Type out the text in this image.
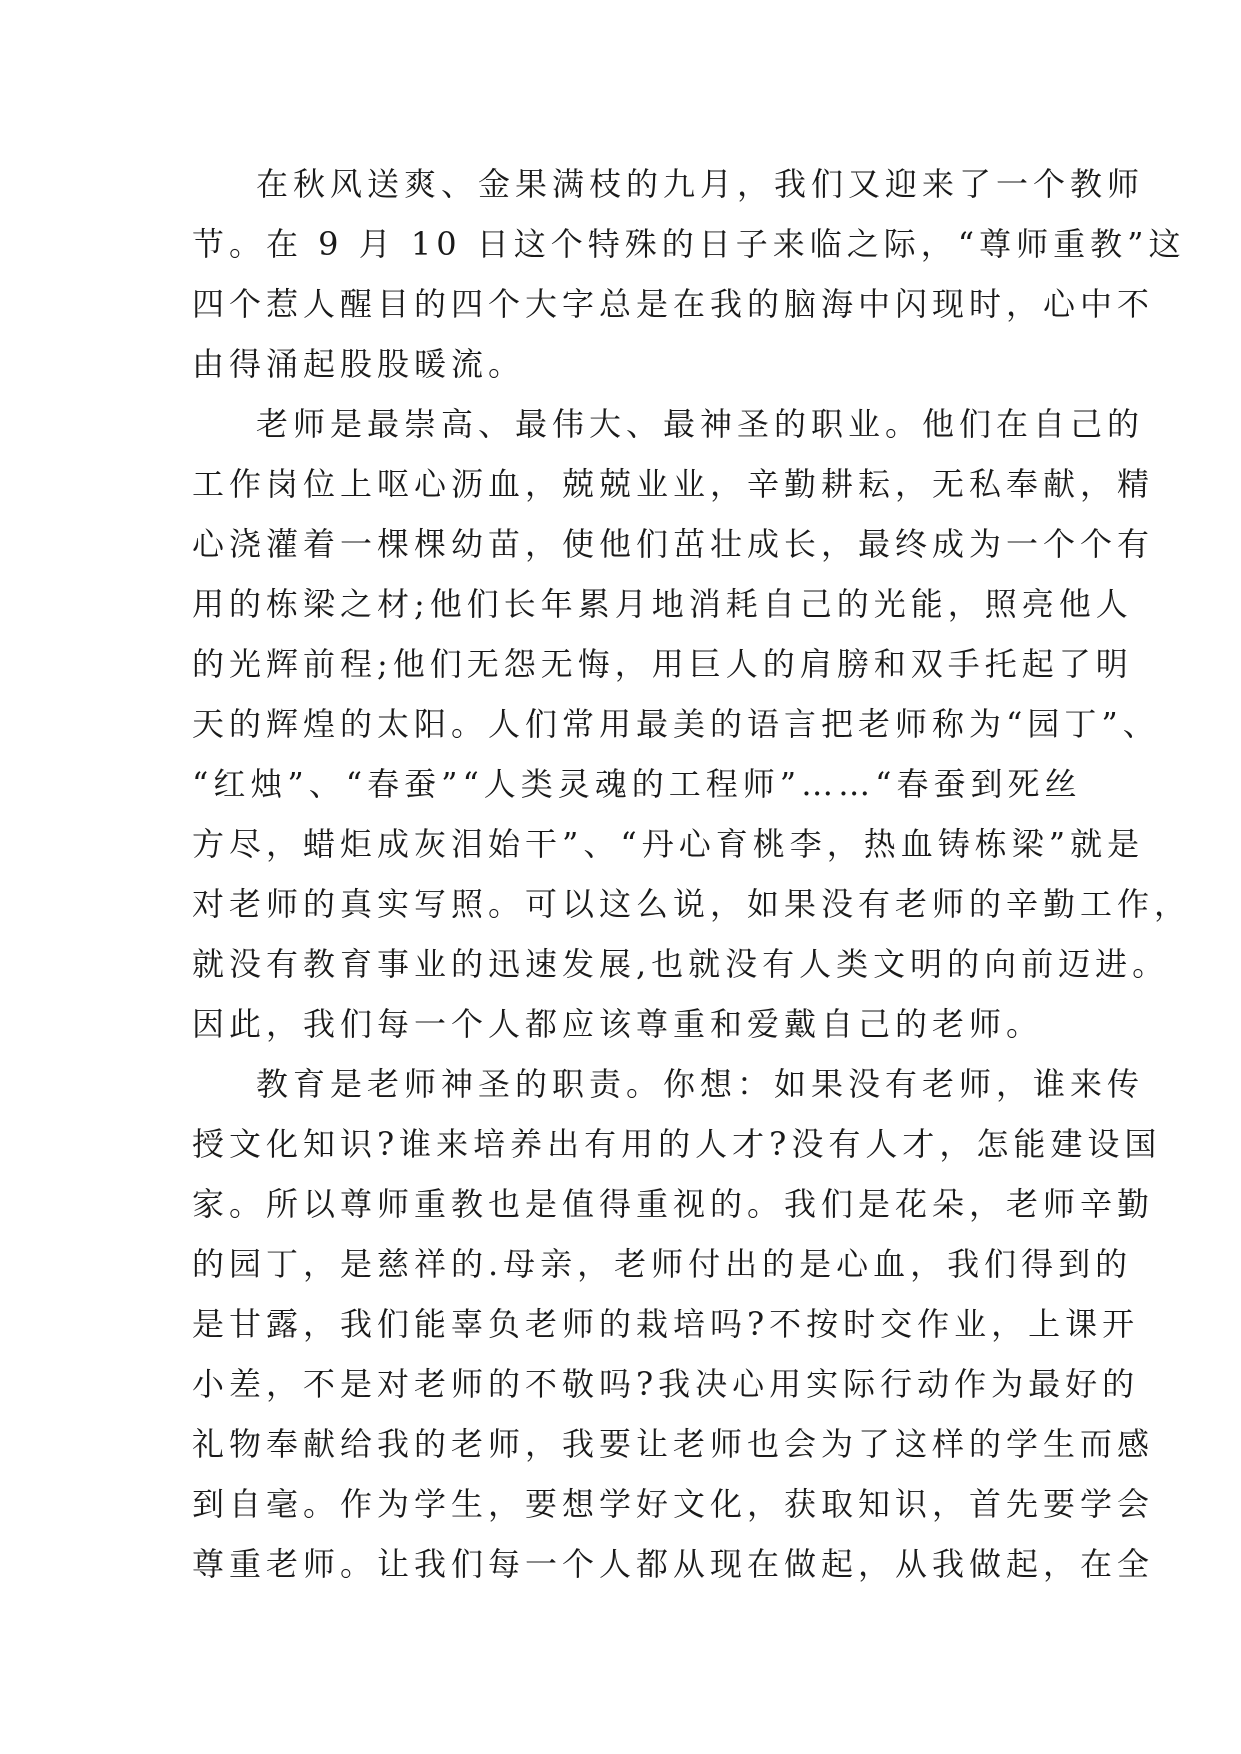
在秋风送爽、金果满枝的九月，我们又迎来了一个教师
节。在 9 月 10 日这个特殊的日子来临之际，“尊师重教”这
四个惹人醒目的四个大字总是在我的脑海中闪现时，心中不
由得涌起股股暖流。
老师是最崇高、最伟大、最神圣的职业。他们在自己的
工作岗位上呕心沥血，兢兢业业，辛勤耕耘，无私奉献，精
心浇灌着一棵棵幼苗，使他们茁壮成长，最终成为一个个有
用的栋梁之材;他们长年累月地消耗自己的光能，照亮他人
的光辉前程;他们无怨无悔，用巨人的肩膀和双手托起了明
天的辉煌的太阳。人们常用最美的语言把老师称为“园丁”、
“红烛”、“春蚕”“人类灵魂的工程师”……“春蚕到死丝
方尽，蜡炬成灰泪始干”、“丹心育桃李，热血铸栋梁”就是
对老师的真实写照。可以这么说，如果没有老师的辛勤工作，
就没有教育事业的迅速发展,也就没有人类文明的向前迈进。
因此，我们每一个人都应该尊重和爱戴自己的老师。
教育是老师神圣的职责。你想：如果没有老师，谁来传
授文化知识?谁来培养出有用的人才?没有人才，怎能建设国
家。所以尊师重教也是值得重视的。我们是花朵，老师辛勤
的园丁，是慈祥的.母亲，老师付出的是心血，我们得到的
是甘露，我们能辜负老师的栽培吗?不按时交作业，上课开
小差，不是对老师的不敬吗?我决心用实际行动作为最好的
礼物奉献给我的老师，我要让老师也会为了这样的学生而感
到自毫。作为学生，要想学好文化，获取知识，首先要学会
尊重老师。让我们每一个人都从现在做起，从我做起，在全
